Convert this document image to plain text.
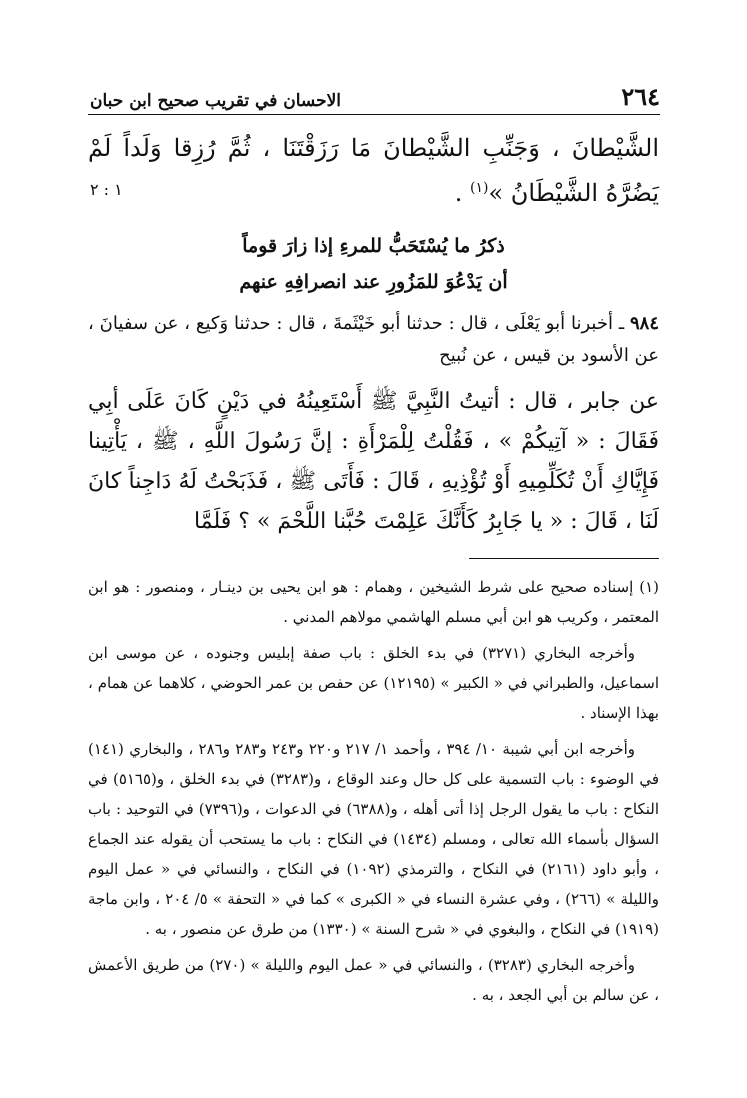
٢٦٤
الاحسان في تقريب صحيح ابن حبان
الشَّيْطانَ ، وَجَنِّبِ الشَّيْطانَ مَا رَزَقْتَنَا ، ثُمَّ رُزِقا وَلَداً لَمْ يَضُرَّهُ الشَّيْطَانُ »$^{(١)}$ .
١ : ٢
ذكرُ ما يُسْتَحَبُّ للمرءِ إذا زارَ قوماً
أن يَدْعُوَ للمَزُورِ عند انصرافِهِ عنهم
٩٨٤ ـ أخبرنا أبو يَعْلَى ، قال : حدثنا أبو خَيْثَمةَ ، قال : حدثنا وَكيع ، عن سفيانَ ، عن الأسود بن قيس ، عن نُبيح
عن جابر ، قال : أتيتُ النَّبِيَّ ﷺ أَسْتَعِينُهُ في دَيْنٍ كَانَ عَلَى أبِي فَقَالَ : « آتِيكُمْ » ، فَقُلْتُ لِلْمَرْأَةِ : إنَّ رَسُولَ اللَّهِ ، ﷺ ، يَأْتِينا فَإِيَّاكِ أَنْ تُكَلِّمِيهِ أَوْ تُؤْذِيهِ ، قَالَ : فَأَتَى ﷺ ، فَذَبَحْتُ لَهُ دَاجِناً كانَ لَنَا ، قَالَ : « يا جَابِرُ كَأَنَّكَ عَلِمْتَ حُبَّنا اللَّحْمَ » ؟ فَلَمَّا

(١) إسناده صحيح على شرط الشيخين ، وهمام : هو ابن يحيى بن دينـار ، ومنصور : هو ابن المعتمر ، وكريب هو ابن أبي مسلم الهاشمي مولاهم المدني .

وأخرجه البخاري (٣٢٧١) في بدء الخلق : باب صفة إبليس وجنوده ، عن موسى ابن اسماعيل، والطبراني في « الكبير » (١٢١٩٥) عن حفص بن عمر الحوضي ، كلاهما عن همام ، بهذا الإسناد .

وأخرجه ابن أبي شيبة ١٠/ ٣٩٤ ، وأحمد ١/ ٢١٧ و٢٢٠ و٢٤٣ و٢٨٣ و٢٨٦ ، والبخاري (١٤١) في الوضوء : باب التسمية على كل حال وعند الوقاع ، و(٣٢٨٣) في بدء الخلق ، و(٥١٦٥) في النكاح : باب ما يقول الرجل إذا أتى أهله ، و(٦٣٨٨) في الدعوات ، و(٧٣٩٦) في التوحيد : باب السؤال بأسماء الله تعالى ، ومسلم (١٤٣٤) في النكاح : باب ما يستحب أن يقوله عند الجماع ، وأبو داود (٢١٦١) في النكاح ، والترمذي (١٠٩٢) في النكاح ، والنسائي في « عمل اليوم والليلة » (٢٦٦) ، وفي عشرة النساء في « الكبرى » كما في « التحفة » ٥/ ٢٠٤ ، وابن ماجة (١٩١٩) في النكاح ، والبغوي في « شرح السنة » (١٣٣٠) من طرق عن منصور ، به .

وأخرجه البخاري (٣٢٨٣) ، والنسائي في « عمل اليوم والليلة » (٢٧٠) من طريق الأعمش ، عن سالم بن أبي الجعد ، به .
